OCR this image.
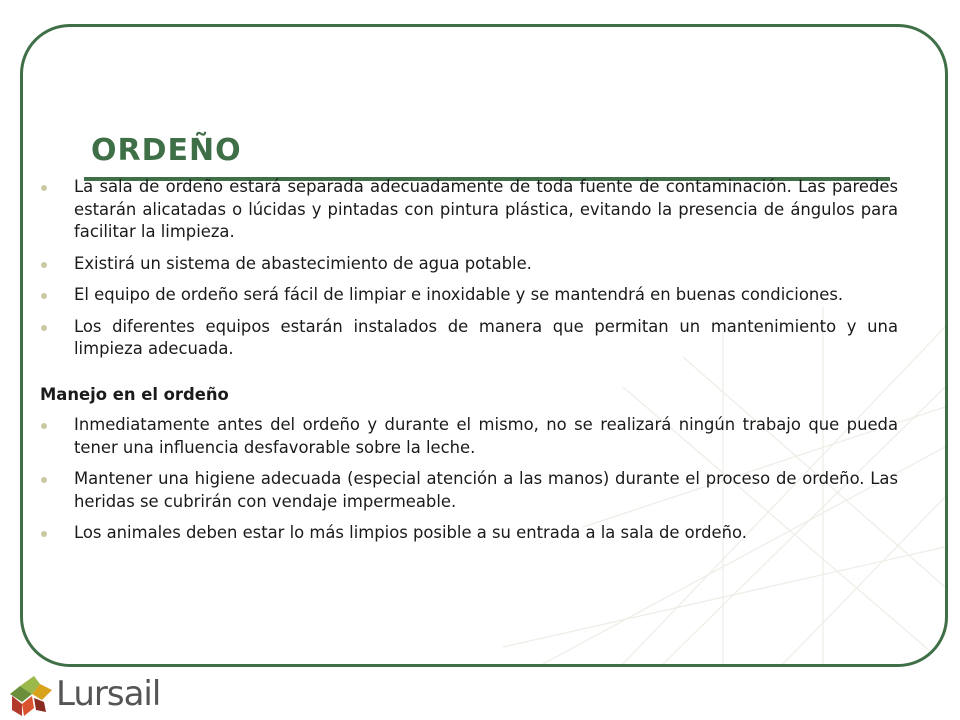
ORDEÑO
La sala de ordeño estará separada adecuadamente de toda fuente de contaminación. Las paredes estarán alicatadas o lúcidas y pintadas con pintura plástica, evitando la presencia de ángulos para facilitar la limpieza.
Existirá un sistema de abastecimiento de agua potable.
El equipo de ordeño será fácil de limpiar e inoxidable y se mantendrá en buenas condiciones.
Los diferentes equipos estarán instalados de manera que permitan un mantenimiento y una limpieza adecuada.
Manejo en el ordeño
Inmediatamente antes del ordeño y durante el mismo, no se realizará ningún trabajo que pueda tener una influencia desfavorable sobre la leche.
Mantener una higiene adecuada (especial atención a las manos) durante el proceso de ordeño. Las heridas se cubrirán con vendaje impermeable.
Los animales deben estar lo más limpios posible a su entrada a la sala de ordeño.
Lursail
